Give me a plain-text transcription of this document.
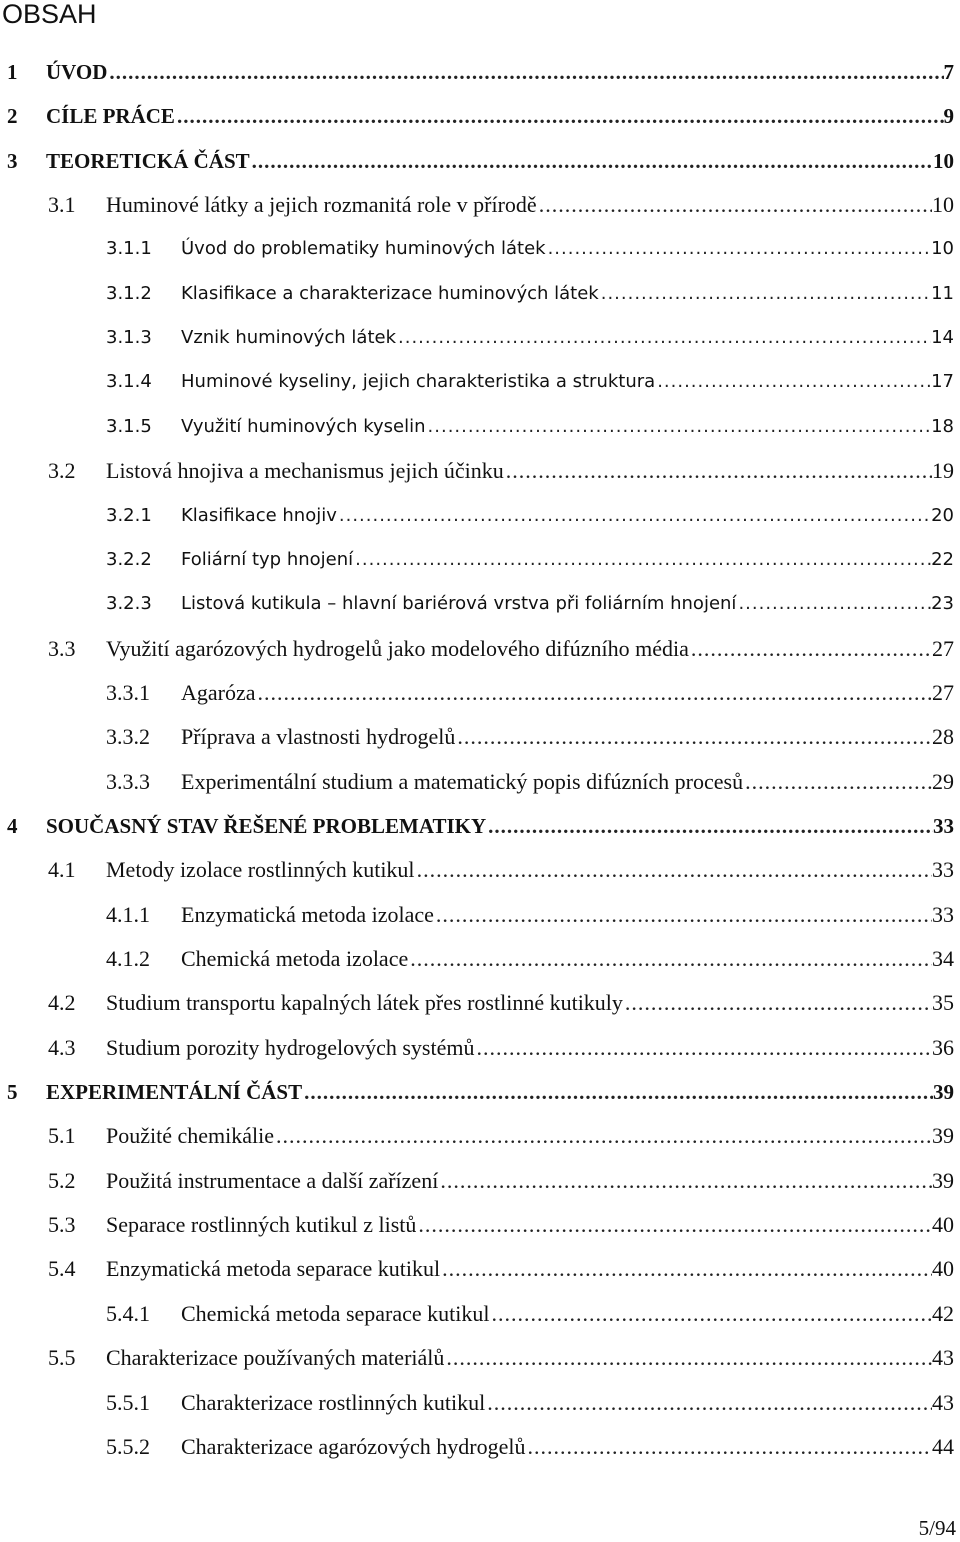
OBSAH
1 ÚVOD .....	7
2 CÍLE PRÁCE .....	9
3 TEORETICKÁ ČÁST .....	10
3.1 Huminové látky a jejich rozmanitá role v přírodě .....	10
3.1.1 Úvod do problematiky huminových látek .....	10
3.1.2 Klasifikace a charakterizace huminových látek .....	11
3.1.3 Vznik huminových látek .....	14
3.1.4 Huminové kyseliny, jejich charakteristika a struktura .....	17
3.1.5 Využití huminových kyselin .....	18
3.2 Listová hnojiva a mechanismus jejich účinku .....	19
3.2.1 Klasifikace hnojiv .....	20
3.2.2 Foliární typ hnojení .....	22
3.2.3 Listová kutikula – hlavní bariérová vrstva při foliárním hnojení .....	23
3.3 Využití agarózových hydrogelů jako modelového difúzního média .....	27
3.3.1 Agaróza .....	27
3.3.2 Příprava a vlastnosti hydrogelů .....	28
3.3.3 Experimentální studium a matematický popis difúzních procesů .....	29
4 SOUČASNÝ STAV ŘEŠENÉ PROBLEMATIKY .....	33
4.1 Metody izolace rostlinných kutikul .....	33
4.1.1 Enzymatická metoda izolace .....	33
4.1.2 Chemická metoda izolace .....	34
4.2 Studium transportu kapalných látek přes rostlinné kutikuly .....	35
4.3 Studium porozity hydrogelových systémů .....	36
5 EXPERIMENTÁLNÍ ČÁST .....	39
5.1 Použité chemikálie .....	39
5.2 Použitá instrumentace a další zařízení .....	39
5.3 Separace rostlinných kutikul z listů .....	40
5.4 Enzymatická metoda separace kutikul .....	40
5.4.1 Chemická metoda separace kutikul .....	42
5.5 Charakterizace používaných materiálů .....	43
5.5.1 Charakterizace rostlinných kutikul .....	43
5.5.2 Charakterizace agarózových hydrogelů .....	44
5/94
